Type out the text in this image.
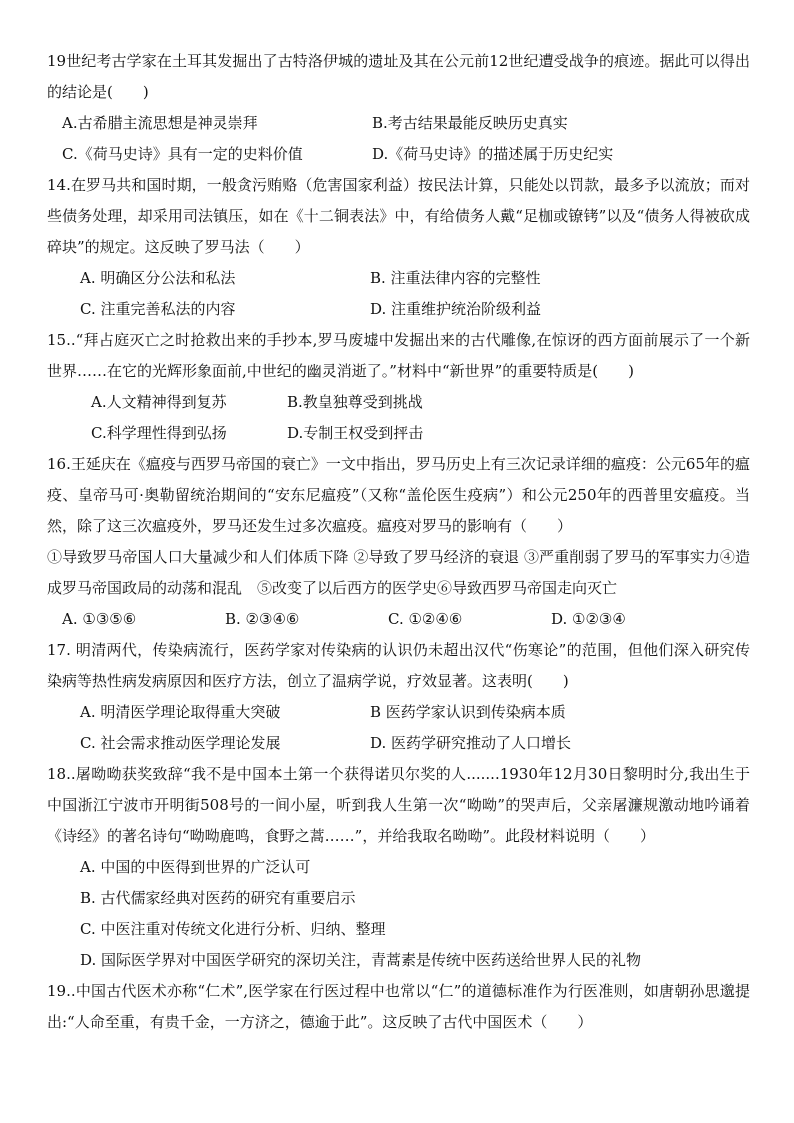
19世纪考古学家在土耳其发掘出了古特洛伊城的遗址及其在公元前12世纪遭受战争的痕迹。据此可以得出的结论是(　　)

A.古希腊主流思想是神灵崇拜	B.考古结果最能反映历史真实
C.《荷马史诗》具有一定的史料价值	D.《荷马史诗》的描述属于历史纪实

14.在罗马共和国时期，一般贪污贿赂（危害国家利益）按民法计算，只能处以罚款，最多予以流放；而对些债务处理，却采用司法镇压，如在《十二铜表法》中，有给债务人戴“足枷或镣铐”以及“债务人得被砍成碎块”的规定。这反映了罗马法（　　）

A. 明确区分公法和私法	B. 注重法律内容的完整性
C. 注重完善私法的内容	D. 注重维护统治阶级利益

15..“拜占庭灭亡之时抢救出来的手抄本,罗马废墟中发掘出来的古代雕像,在惊讶的西方面前展示了一个新世界……在它的光辉形象面前,中世纪的幽灵消逝了。”材料中“新世界”的重要特质是(　　)

A.人文精神得到复苏	B.教皇独尊受到挑战
C.科学理性得到弘扬	D.专制王权受到抨击

16.王延庆在《瘟疫与西罗马帝国的衰亡》一文中指出，罗马历史上有三次记录详细的瘟疫：公元65年的瘟疫、皇帝马可·奥勒留统治期间的“安东尼瘟疫”（又称“盖伦医生疫病”）和公元250年的西普里安瘟疫。当然，除了这三次瘟疫外，罗马还发生过多次瘟疫。瘟疫对罗马的影响有（　　）

①导致罗马帝国人口大量减少和人们体质下降 ②导致了罗马经济的衰退 ③严重削弱了罗马的军事实力④造成罗马帝国政局的动荡和混乱　⑤改变了以后西方的医学史⑥导致西罗马帝国走向灭亡

A. ①③⑤⑥	B. ②③④⑥	C. ①②④⑥	D. ①②③④

17. 明清两代，传染病流行，医药学家对传染病的认识仍未超出汉代“伤寒论”的范围，但他们深入研究传染病等热性病发病原因和医疗方法，创立了温病学说，疗效显著。这表明(　　)

A. 明清医学理论取得重大突破	B 医药学家认识到传染病本质
C. 社会需求推动医学理论发展	D. 医药学研究推动了人口增长

18..屠呦呦获奖致辞“我不是中国本土第一个获得诺贝尔奖的人.......1930年12月30日黎明时分,我出生于中国浙江宁波市开明街508号的一间小屋，听到我人生第一次“呦呦”的哭声后，父亲屠濂规激动地吟诵着《诗经》的著名诗句“呦呦鹿鸣，食野之蒿……”，并给我取名呦呦”。此段材料说明（　　）

A. 中国的中医得到世界的广泛认可
B. 古代儒家经典对医药的研究有重要启示
C. 中医注重对传统文化进行分析、归纳、整理
D. 国际医学界对中国医学研究的深切关注，青蒿素是传统中医药送给世界人民的礼物

19..中国古代医术亦称“仁术”,医学家在行医过程中也常以“仁”的道德标准作为行医准则，如唐朝孙思邈提出:“人命至重，有贵千金，一方济之，德逾于此”。这反映了古代中国医术（　　）
